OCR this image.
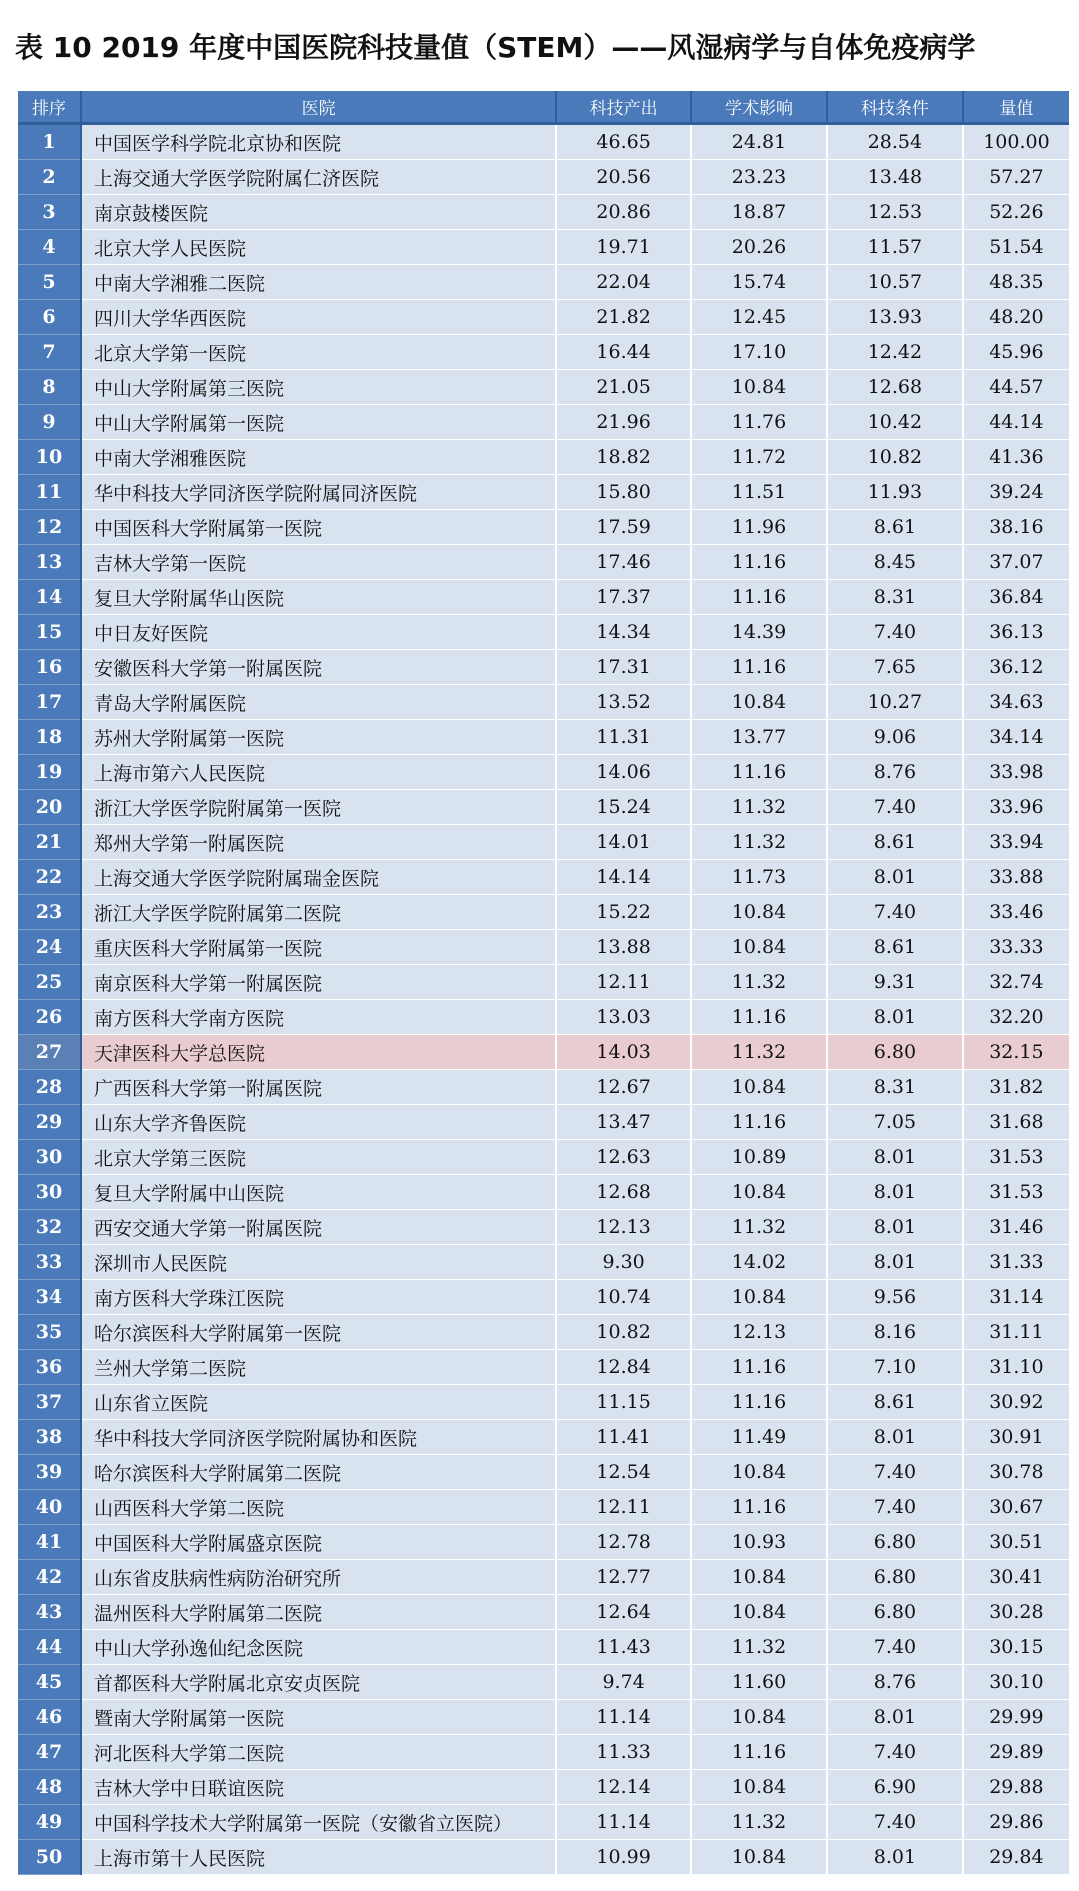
表 10 2019 年度中国医院科技量值（STEM）——风湿病学与自体免疫病学
排序	医院	科技产出	学术影响	科技条件	量值
1	中国医学科学院北京协和医院	46.65	24.81	28.54	100.00
2	上海交通大学医学院附属仁济医院	20.56	23.23	13.48	57.27
3	南京鼓楼医院	20.86	18.87	12.53	52.26
4	北京大学人民医院	19.71	20.26	11.57	51.54
5	中南大学湘雅二医院	22.04	15.74	10.57	48.35
6	四川大学华西医院	21.82	12.45	13.93	48.20
7	北京大学第一医院	16.44	17.10	12.42	45.96
8	中山大学附属第三医院	21.05	10.84	12.68	44.57
9	中山大学附属第一医院	21.96	11.76	10.42	44.14
10	中南大学湘雅医院	18.82	11.72	10.82	41.36
11	华中科技大学同济医学院附属同济医院	15.80	11.51	11.93	39.24
12	中国医科大学附属第一医院	17.59	11.96	8.61	38.16
13	吉林大学第一医院	17.46	11.16	8.45	37.07
14	复旦大学附属华山医院	17.37	11.16	8.31	36.84
15	中日友好医院	14.34	14.39	7.40	36.13
16	安徽医科大学第一附属医院	17.31	11.16	7.65	36.12
17	青岛大学附属医院	13.52	10.84	10.27	34.63
18	苏州大学附属第一医院	11.31	13.77	9.06	34.14
19	上海市第六人民医院	14.06	11.16	8.76	33.98
20	浙江大学医学院附属第一医院	15.24	11.32	7.40	33.96
21	郑州大学第一附属医院	14.01	11.32	8.61	33.94
22	上海交通大学医学院附属瑞金医院	14.14	11.73	8.01	33.88
23	浙江大学医学院附属第二医院	15.22	10.84	7.40	33.46
24	重庆医科大学附属第一医院	13.88	10.84	8.61	33.33
25	南京医科大学第一附属医院	12.11	11.32	9.31	32.74
26	南方医科大学南方医院	13.03	11.16	8.01	32.20
27	天津医科大学总医院	14.03	11.32	6.80	32.15
28	广西医科大学第一附属医院	12.67	10.84	8.31	31.82
29	山东大学齐鲁医院	13.47	11.16	7.05	31.68
30	北京大学第三医院	12.63	10.89	8.01	31.53
30	复旦大学附属中山医院	12.68	10.84	8.01	31.53
32	西安交通大学第一附属医院	12.13	11.32	8.01	31.46
33	深圳市人民医院	9.30	14.02	8.01	31.33
34	南方医科大学珠江医院	10.74	10.84	9.56	31.14
35	哈尔滨医科大学附属第一医院	10.82	12.13	8.16	31.11
36	兰州大学第二医院	12.84	11.16	7.10	31.10
37	山东省立医院	11.15	11.16	8.61	30.92
38	华中科技大学同济医学院附属协和医院	11.41	11.49	8.01	30.91
39	哈尔滨医科大学附属第二医院	12.54	10.84	7.40	30.78
40	山西医科大学第二医院	12.11	11.16	7.40	30.67
41	中国医科大学附属盛京医院	12.78	10.93	6.80	30.51
42	山东省皮肤病性病防治研究所	12.77	10.84	6.80	30.41
43	温州医科大学附属第二医院	12.64	10.84	6.80	30.28
44	中山大学孙逸仙纪念医院	11.43	11.32	7.40	30.15
45	首都医科大学附属北京安贞医院	9.74	11.60	8.76	30.10
46	暨南大学附属第一医院	11.14	10.84	8.01	29.99
47	河北医科大学第二医院	11.33	11.16	7.40	29.89
48	吉林大学中日联谊医院	12.14	10.84	6.90	29.88
49	中国科学技术大学附属第一医院（安徽省立医院）	11.14	11.32	7.40	29.86
50	上海市第十人民医院	10.99	10.84	8.01	29.84
